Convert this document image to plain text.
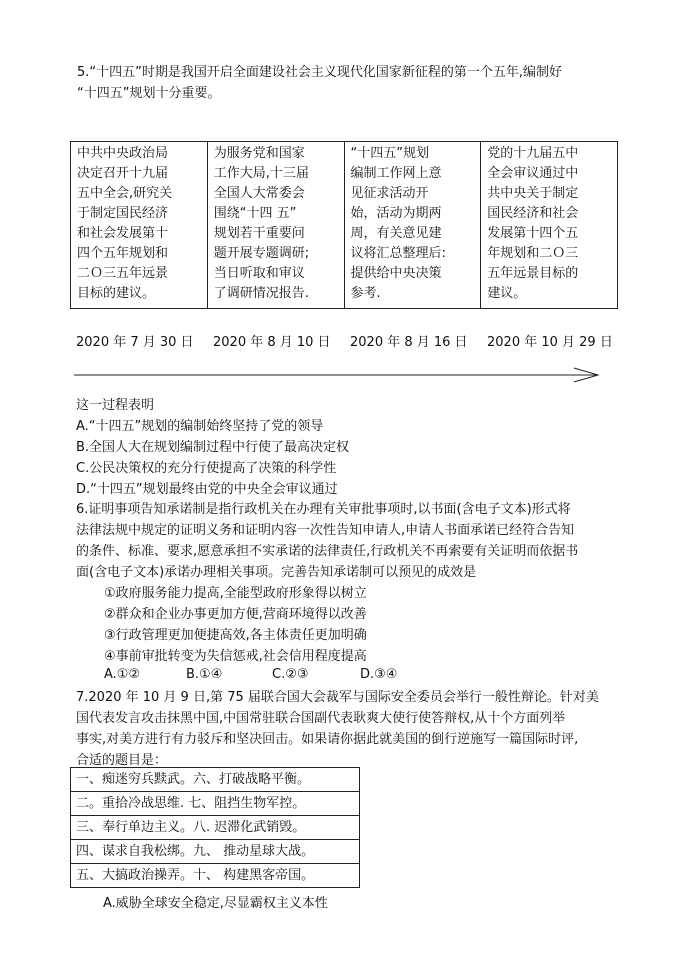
5.“十四五”时期是我国开启全面建设社会主义现代化国家新征程的第一个五年,编制好
“十四五”规划十分重要。
中共中央政治局
决定召开十九届
五中全会,研究关
于制定国民经济
和社会发展第十
四个五年规划和
二Ｏ三五年远景
目标的建议。	为服务党和国家
工作大局,十三届
全国人大常委会
围绕“十四 五”
规划若干重要问
题开展专题调研;
当日听取和审议
了调研情况报告.	“十四五”规划
编制工作网上意
见征求活动开
始，活动为期两
周，有关意见建
议将汇总整理后:
提供给中央决策
参考.	党的十九届五中
全会审议通过中
共中央关于制定
国民经济和社会
发展第十四个五
年规划和二Ｏ三
五年远景目标的
建议。
2020 年 7 月 30 日 2020 年 8 月 10 日 2020 年 8 月 16 日 2020 年 10 月 29 日
这一过程表明
A.“十四五”规划的编制始终坚持了党的领导
B.全国人大在规划编制过程中行使了最高决定权
C.公民决策权的充分行使提高了决策的科学性
D.“十四五”规划最终由党的中央全会审议通过
6.证明事项告知承诺制是指行政机关在办理有关审批事项时,以书面(含电子文本)形式将
法律法规中规定的证明义务和证明内容一次性告知申请人,申请人书面承诺已经符合告知
的条件、标准、要求,愿意承担不实承诺的法律责任,行政机关不再索要有关证明而依据书
面(含电子文本)承诺办理相关事项。完善告知承诺制可以预见的成效是
①政府服务能力提高,全能型政府形象得以树立
②群众和企业办事更加方便,营商环境得以改善
③行政管理更加便捷高效,各主体责任更加明确
④事前审批转变为失信惩戒,社会信用程度提高
A.①②	B.①④	C.②③	D.③④
7.2020 年 10 月 9 日,第 75 届联合国大会裁军与国际安全委员会举行一般性辩论。针对美
国代表发言攻击抹黑中国,中国常驻联合国副代表耿爽大使行使答辩权,从十个方面列举
事实,对美方进行有力驳斥和坚决回击。如果请你据此就美国的倒行逆施写一篇国际时评,
合适的题目是：
一、痴迷穷兵黩武。六、打破战略平衡。
二。重拾冷战思维. 七、阻挡生物军控。
三、奉行单边主义。八. 迟滞化武销毁。
四、谋求自我松绑。九、 推动星球大战。
五、大搞政治操弄。十、 构建黑客帝国。
A.威胁全球安全稳定,尽显霸权主义本性
